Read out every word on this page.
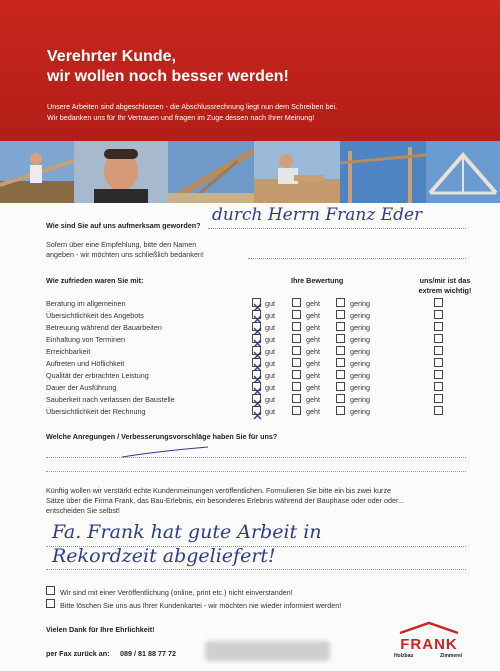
Verehrter Kunde,
wir wollen noch besser werden!

Unsere Arbeiten sind abgeschlossen - die Abschlussrechnung liegt nun dem Schreiben bei.
Wir bedanken uns für Ihr Vertrauen und fragen im Zuge dessen nach Ihrer Meinung!

Wie sind Sie auf uns aufmerksam geworden?
durch Herrn Franz Eder
Sofern über eine Empfehlung, bitte den Namen
angeben - wir möchten uns schließlich bedanken!
Wie zufrieden waren Sie mit:	Ihre Bewertung	uns/mir ist das
extrem wichtig!
Beratung im allgemeinen	gut	geht	gering
Übersichtlichkeit des Angebots	gut	geht	gering
Betreuung während der Bauarbeiten	gut	geht	gering
Einhaltung von Terminen	gut	geht	gering
Erreichbarkeit	gut	geht	gering
Auftreten und Höflichkeit	gut	geht	gering
Qualität der erbrachten Leistung	gut	geht	gering
Dauer der Ausführung	gut	geht	gering
Sauberkeit nach verlassen der Baustelle	gut	geht	gering
Übersichtlichkeit der Rechnung	gut	geht	gering
Welche Anregungen / Verbesserungsvorschläge haben Sie für uns?
Künftig wollen wir verstärkt echte Kundenmeinungen veröffentlichen. Formulieren Sie bitte ein bis zwei kurze
Sätze über die Firma Frank, das Bau-Erlebnis, ein besonderes Erlebnis während der Bauphase oder oder oder...
entscheiden Sie selbst!
Fa. Frank hat gute Arbeit in
Rekordzeit abgeliefert!
Wir sind mit einer Veröffentlichung (online, print etc.) nicht einverstanden!
Bitte löschen Sie uns aus Ihrer Kundenkartei - wir möchten nie wieder informiert werden!
Vielen Dank für Ihre Ehrlichkeit!
per Fax zurück an: 089 / 81 88 77 72
FRANK
Holzbau	Zimmerei
